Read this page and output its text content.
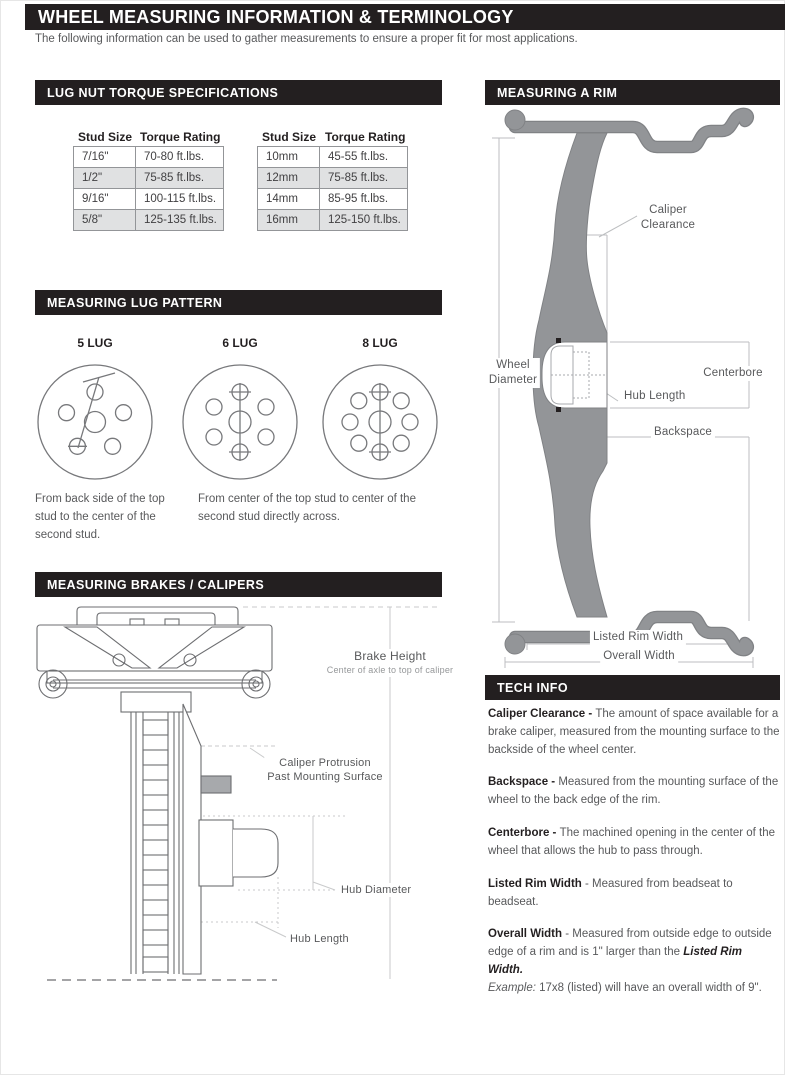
WHEEL MEASURING INFORMATION & TERMINOLOGY
The following information can be used to gather measurements to ensure a proper fit for most applications.
LUG NUT TORQUE SPECIFICATIONS
Stud Size Torque Rating
7/16"	70-80 ft.lbs.
1/2"	75-85 ft.lbs.
9/16"	100-115 ft.lbs.
5/8"	125-135 ft.lbs.
Stud Size Torque Rating
10mm	45-55 ft.lbs.
12mm	75-85 ft.lbs.
14mm	85-95 ft.lbs.
16mm	125-150 ft.lbs.
MEASURING LUG PATTERN
5 LUG	6 LUG	8 LUG
From back side of the top stud to the center of the second stud.
From center of the top stud to center of the second stud directly across.
MEASURING BRAKES / CALIPERS
Brake Height
Center of axle to top of caliper
Caliper Protrusion
Past Mounting Surface
Hub Diameter
Hub Length
MEASURING A RIM
Caliper
Clearance
Wheel
Diameter
Centerbore
Hub Length
Backspace
Listed Rim Width
Overall Width
TECH INFO
Caliper Clearance - The amount of space available for a brake caliper, measured from the mounting surface to the backside of the wheel center.
Backspace - Measured from the mounting surface of the wheel to the back edge of the rim.
Centerbore - The machined opening in the center of the wheel that allows the hub to pass through.
Listed Rim Width - Measured from beadseat to beadseat.
Overall Width - Measured from outside edge to outside edge of a rim and is 1" larger than the Listed Rim Width.
Example: 17x8 (listed) will have an overall width of 9".
